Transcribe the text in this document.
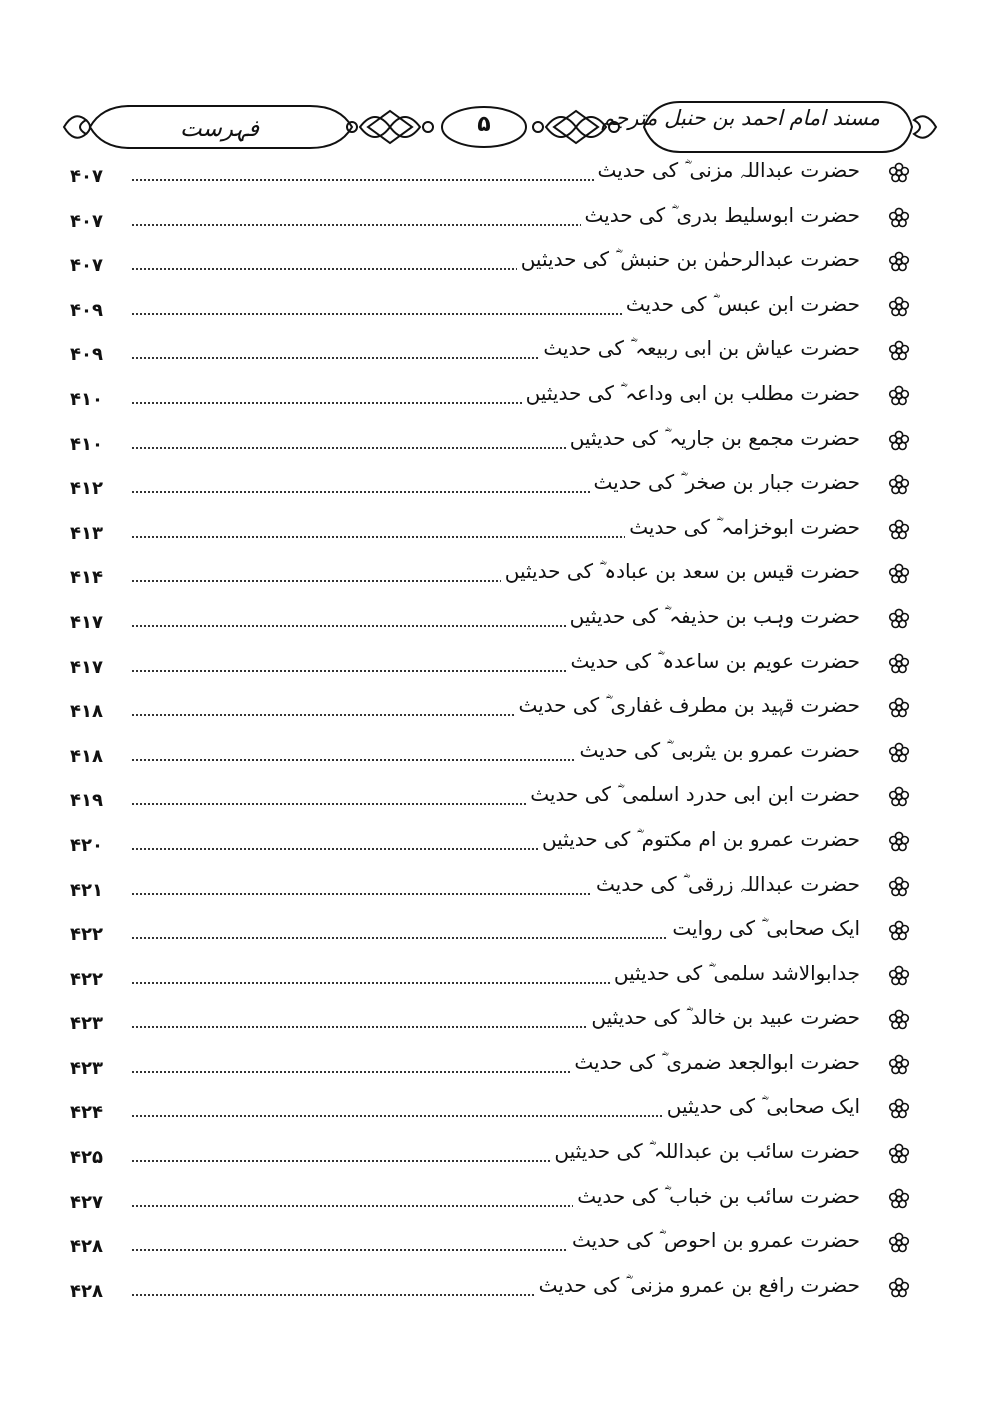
مسند امام احمد بن حنبل مترجم
۵
فہرست
۴۰۷	حضرت عبداللہ مزنی ؓ کی حدیث
۴۰۷	حضرت ابوسلیط بدری ؓ کی حدیث
۴۰۷	حضرت عبدالرحمٰن بن حنبش ؓ کی حدیثیں
۴۰۹	حضرت ابن عبس ؓ کی حدیث
۴۰۹	حضرت عیاش بن ابی ربیعہ ؓ کی حدیث
۴۱۰	حضرت مطلب بن ابی وداعہ ؓ کی حدیثیں
۴۱۰	حضرت مجمع بن جاریہ ؓ کی حدیثیں
۴۱۲	حضرت جبار بن صخر ؓ کی حدیث
۴۱۳	حضرت ابوخزامہ ؓ کی حدیث
۴۱۴	حضرت قیس بن سعد بن عبادہ ؓ کی حدیثیں
۴۱۷	حضرت وہب بن حذیفہ ؓ کی حدیثیں
۴۱۷	حضرت عویم بن ساعدہ ؓ کی حدیث
۴۱۸	حضرت قہید بن مطرف غفاری ؓ کی حدیث
۴۱۸	حضرت عمرو بن یثربی ؓ کی حدیث
۴۱۹	حضرت ابن ابی حدرد اسلمی ؓ کی حدیث
۴۲۰	حضرت عمرو بن ام مکتوم ؓ کی حدیثیں
۴۲۱	حضرت عبداللہ زرقی ؓ کی حدیث
۴۲۲	ایک صحابی ؓ کی روایت
۴۲۲	جدابوالاشد سلمی ؓ کی حدیثیں
۴۲۳	حضرت عبید بن خالد ؓ کی حدیثیں
۴۲۳	حضرت ابوالجعد ضمری ؓ کی حدیث
۴۲۴	ایک صحابی ؓ کی حدیثیں
۴۲۵	حضرت سائب بن عبداللہ ؓ کی حدیثیں
۴۲۷	حضرت سائب بن خباب ؓ کی حدیث
۴۲۸	حضرت عمرو بن احوص ؓ کی حدیث
۴۲۸	حضرت رافع بن عمرو مزنی ؓ کی حدیث
